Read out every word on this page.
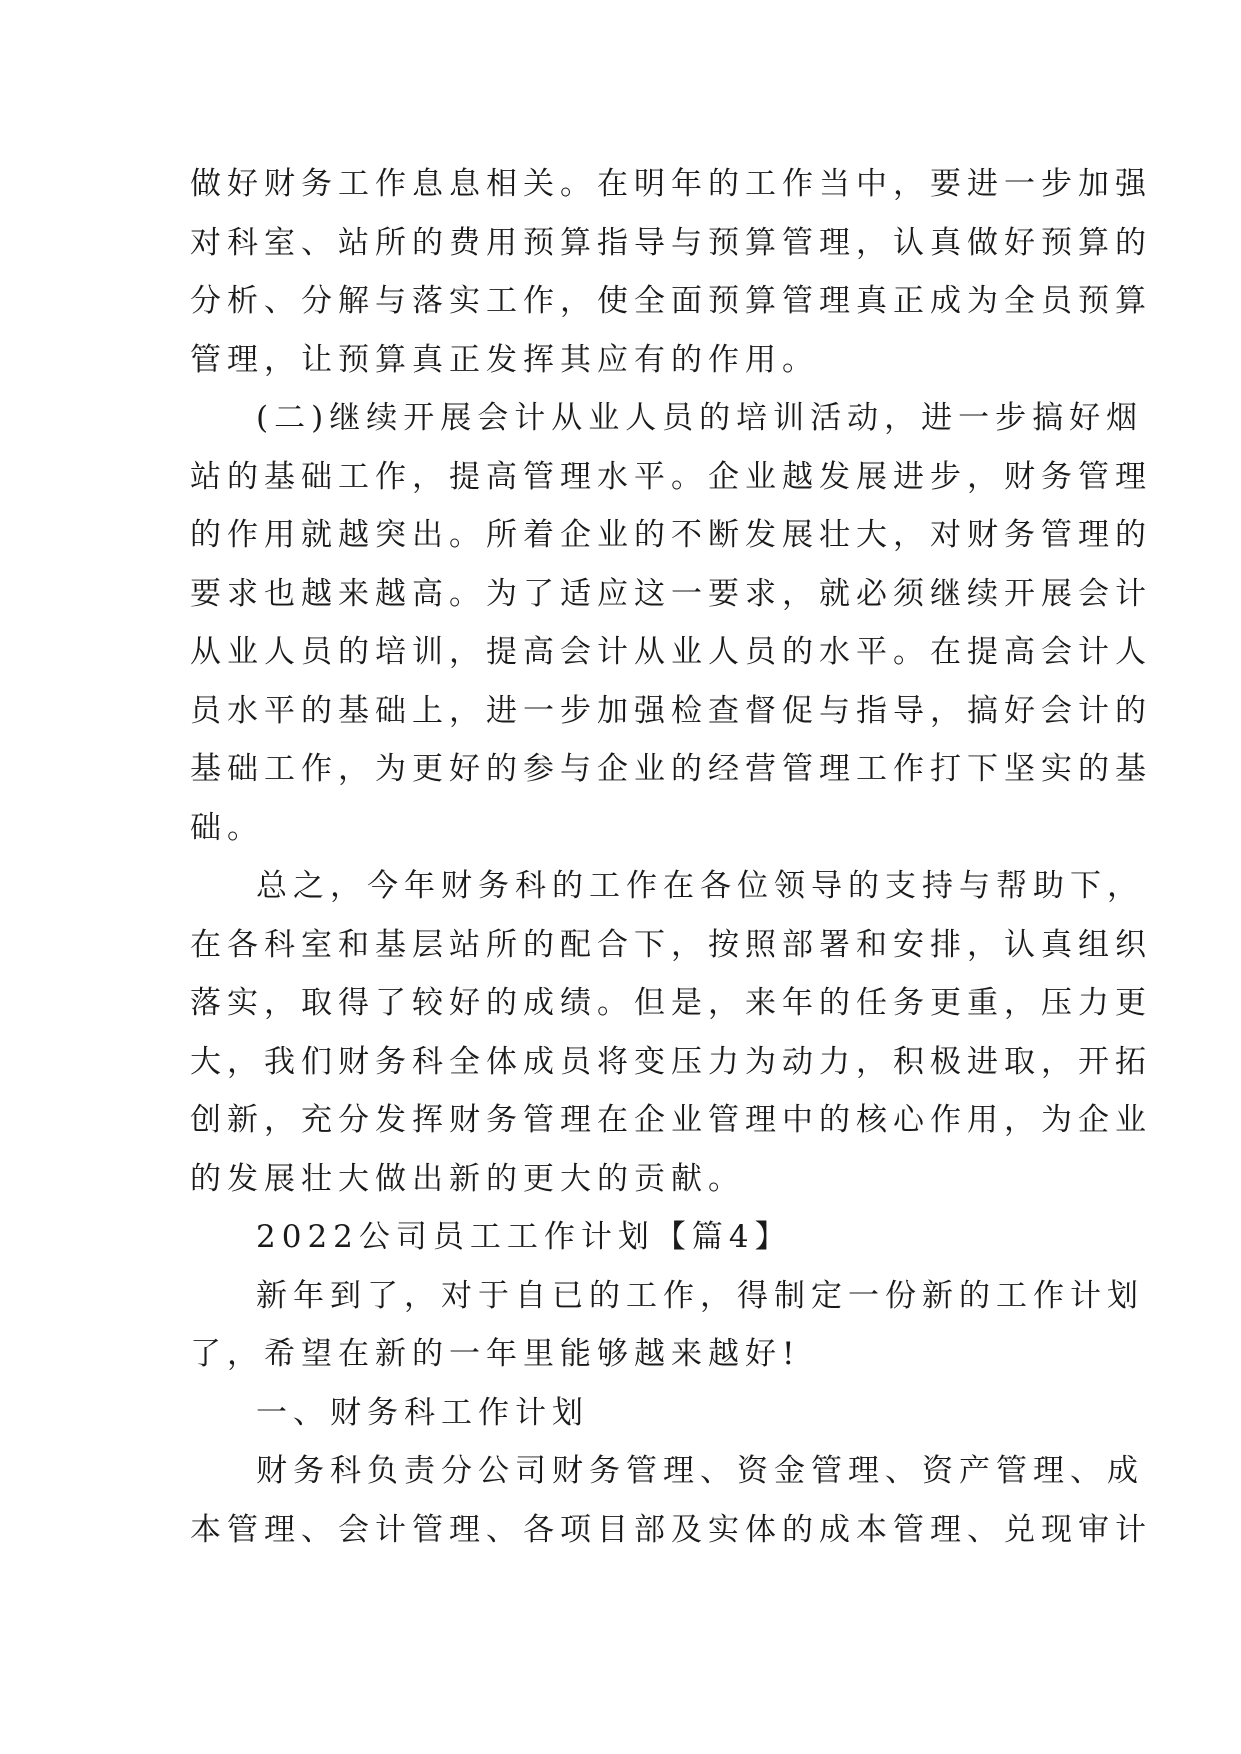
做好财务工作息息相关。在明年的工作当中，要进一步加强
对科室、站所的费用预算指导与预算管理，认真做好预算的
分析、分解与落实工作，使全面预算管理真正成为全员预算
管理，让预算真正发挥其应有的作用。
(二)继续开展会计从业人员的培训活动，进一步搞好烟
站的基础工作，提高管理水平。企业越发展进步，财务管理
的作用就越突出。所着企业的不断发展壮大，对财务管理的
要求也越来越高。为了适应这一要求，就必须继续开展会计
从业人员的培训，提高会计从业人员的水平。在提高会计人
员水平的基础上，进一步加强检查督促与指导，搞好会计的
基础工作，为更好的参与企业的经营管理工作打下坚实的基
础。
总之，今年财务科的工作在各位领导的支持与帮助下，
在各科室和基层站所的配合下，按照部署和安排，认真组织
落实，取得了较好的成绩。但是，来年的任务更重，压力更
大，我们财务科全体成员将变压力为动力，积极进取，开拓
创新，充分发挥财务管理在企业管理中的核心作用，为企业
的发展壮大做出新的更大的贡献。
2022公司员工工作计划【篇4】
新年到了，对于自已的工作，得制定一份新的工作计划
了，希望在新的一年里能够越来越好!
一、财务科工作计划
财务科负责分公司财务管理、资金管理、资产管理、成
本管理、会计管理、各项目部及实体的成本管理、兑现审计
